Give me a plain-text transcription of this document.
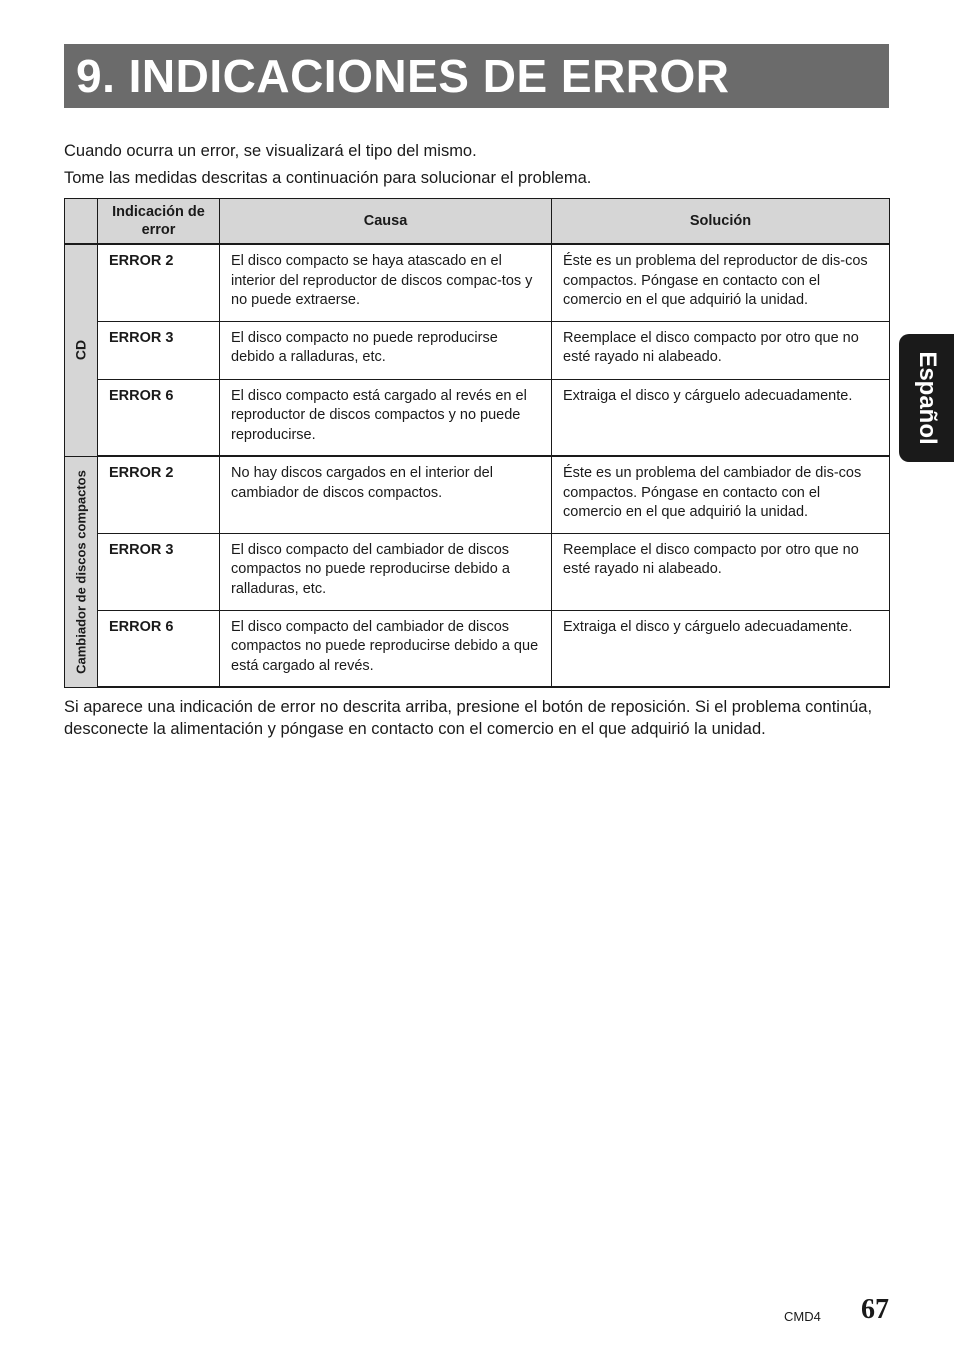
9. INDICACIONES DE ERROR
Español

Cuando ocurra un error, se visualizará el tipo del mismo.

Tome las medidas descritas a continuación para solucionar el problema.

	Indicación de error	Causa	Solución

CD	ERROR 2	El disco compacto se haya atascado en el interior del reproductor de discos compac-tos y no puede extraerse.	Éste es un problema del reproductor de dis-cos compactos. Póngase en contacto con el comercio en el que adquirió la unidad.
	ERROR 3	El disco compacto no puede reproducirse debido a ralladuras, etc.	Reemplace el disco compacto por otro que no esté rayado ni alabeado.
	ERROR 6	El disco compacto está cargado al revés en el reproductor de discos compactos y no puede reproducirse.	Extraiga el disco y cárguelo adecuadamente.

Cambiador de discos compactos	ERROR 2	No hay discos cargados en el interior del cambiador de discos compactos.	Éste es un problema del cambiador de dis-cos compactos. Póngase en contacto con el comercio en el que adquirió la unidad.
	ERROR 3	El disco compacto del cambiador de discos compactos no puede reproducirse debido a ralladuras, etc.	Reemplace el disco compacto por otro que no esté rayado ni alabeado.
	ERROR 6	El disco compacto del cambiador de discos compactos no puede reproducirse debido a que está cargado al revés.	Extraiga el disco y cárguelo adecuadamente.

Si aparece una indicación de error no descrita arriba, presione el botón de reposición. Si el problema continúa, desconecte la alimentación y póngase en contacto con el comercio en el que adquirió la unidad.

CMD4 67
